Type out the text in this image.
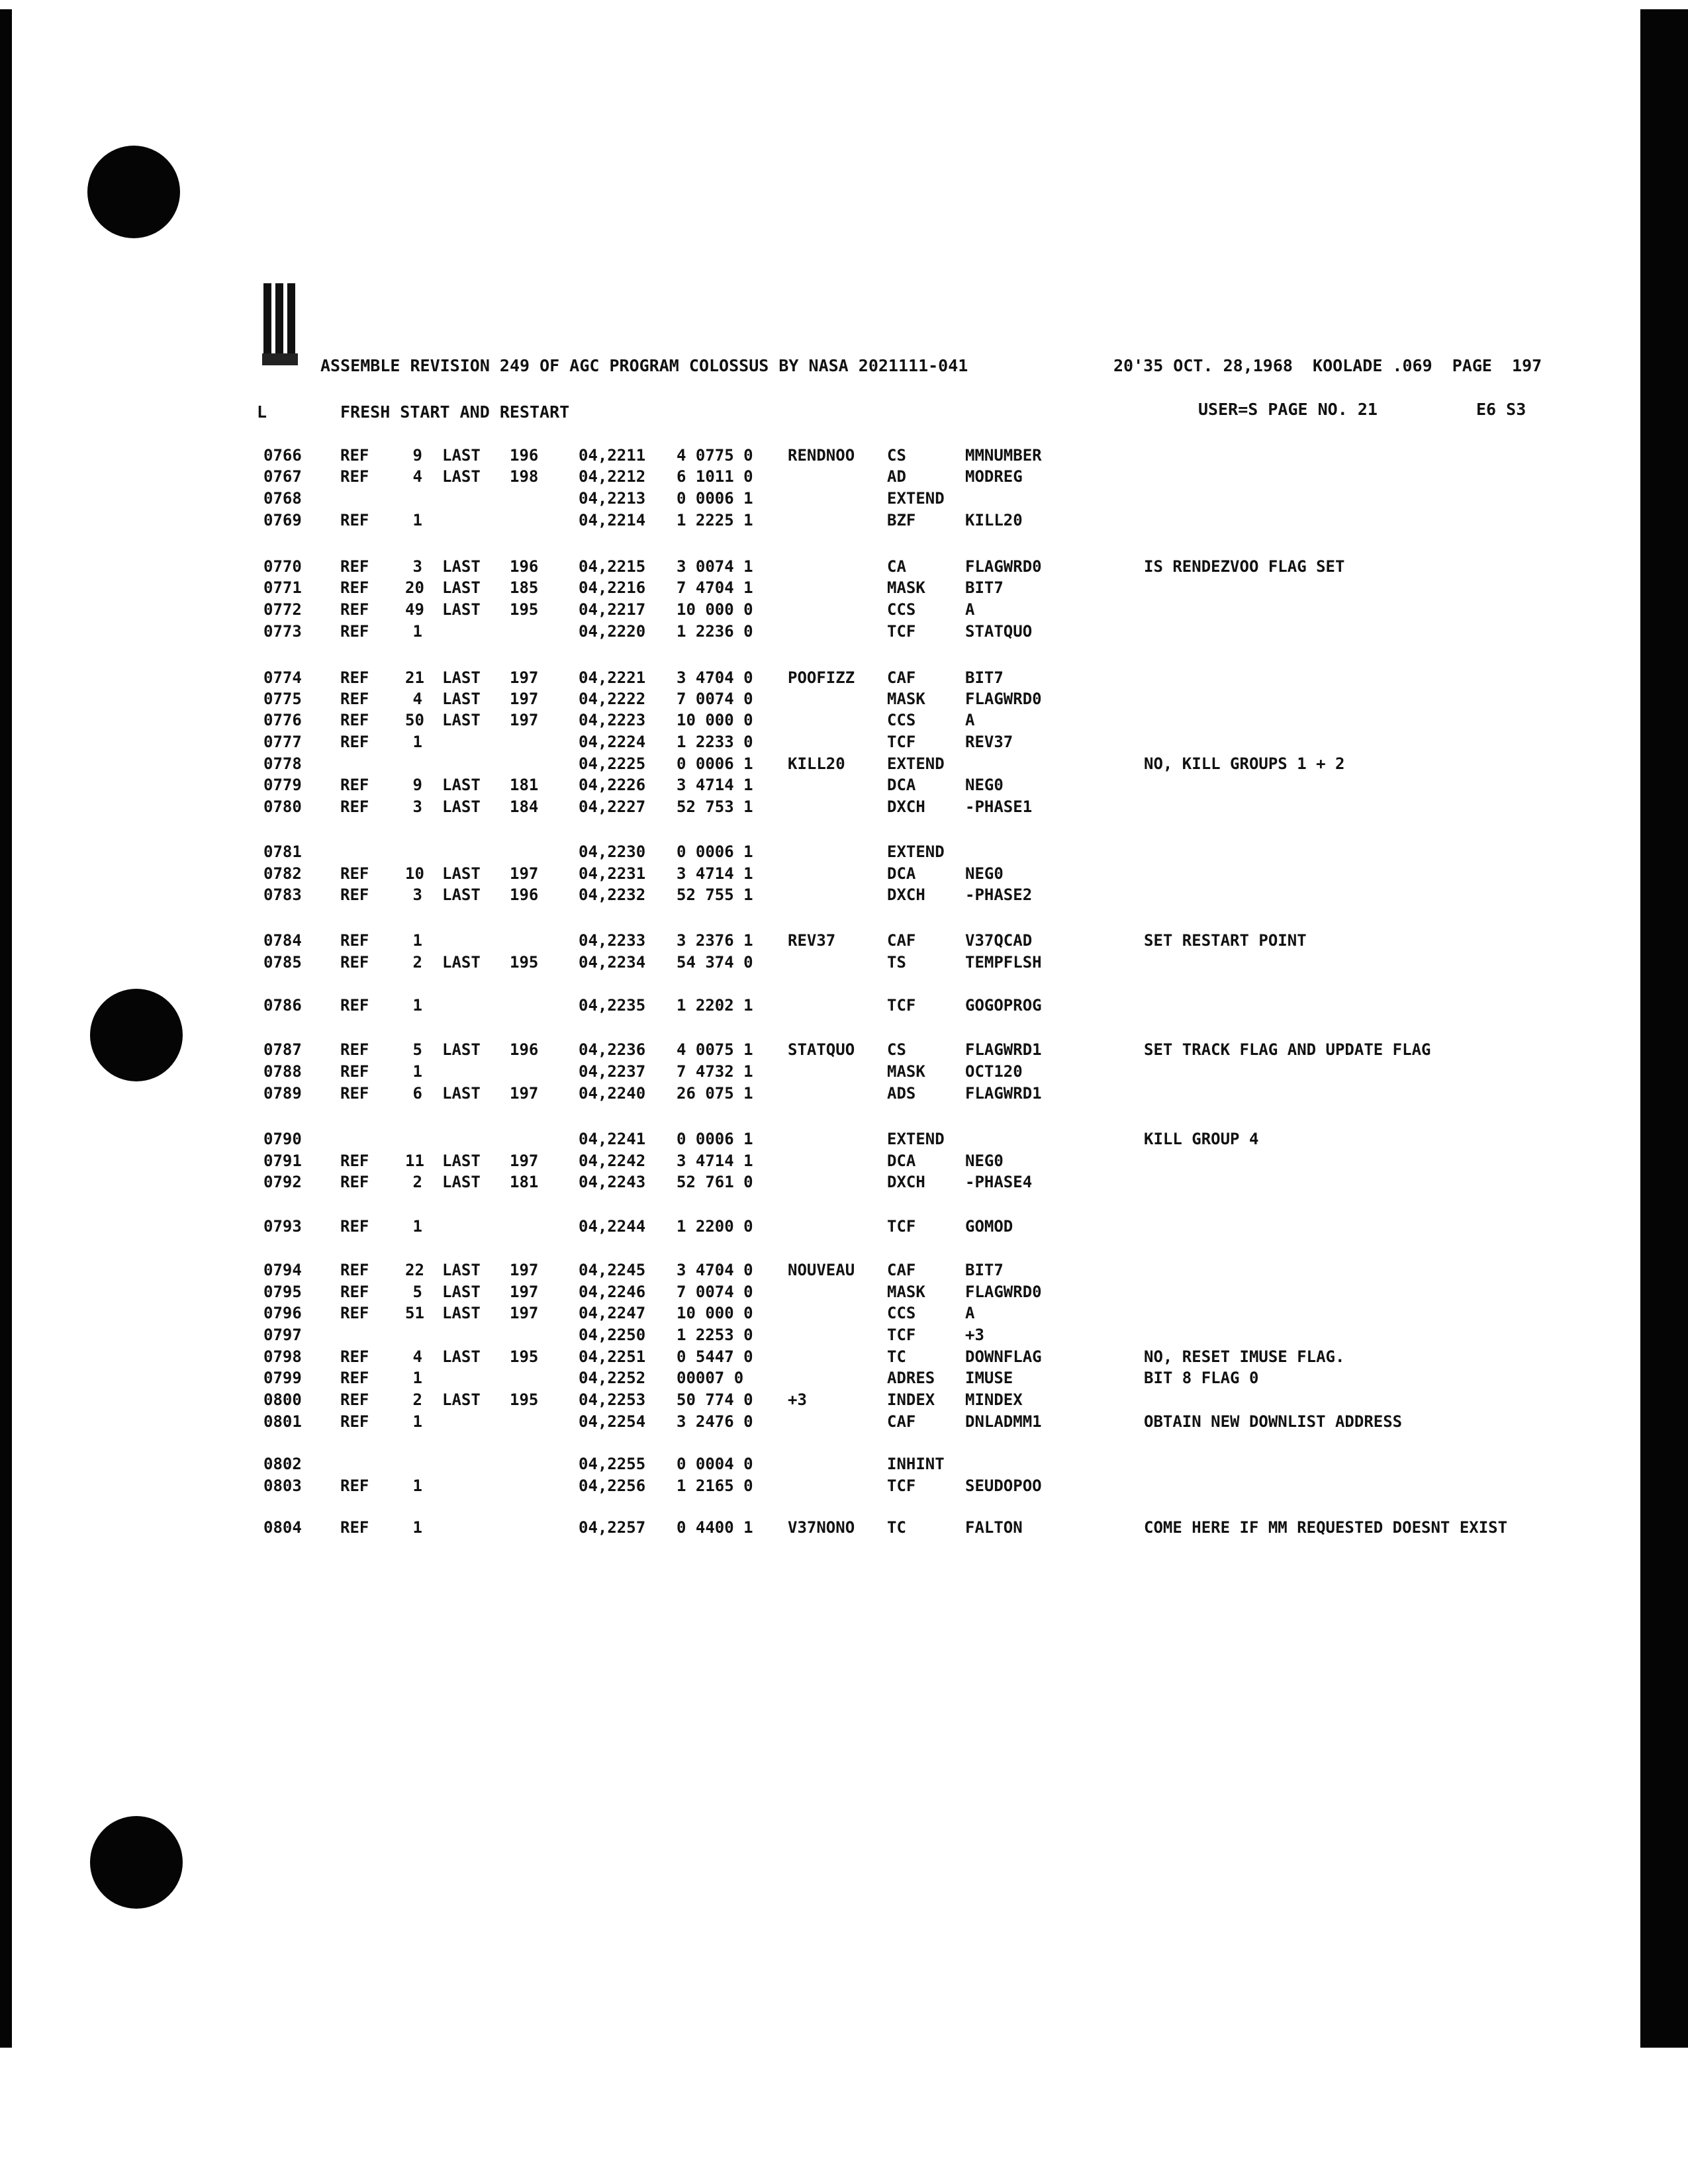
ASSEMBLE REVISION 249 OF AGC PROGRAM COLOSSUS BY NASA 2021111-041	20'35 OCT. 28,1968  KOOLADE .069  PAGE  197
L	FRESH START AND RESTART	USER=S PAGE NO. 21	E6 S3
0766 REF	9 LAST 196	04,2211 4 0775 0 RENDNOO CS	MMNUMBER
0767 REF	4 LAST 198	04,2212 6 1011 0	AD	MODREG
0768	04,2213 0 0006 1	EXTEND
0769 REF	1	04,2214 1 2225 1	BZF	KILL20
0770 REF	3 LAST 196	04,2215 3 0074 1	CA	FLAGWRD0	IS RENDEZVOO FLAG SET
0771 REF 20 LAST 185	04,2216 7 4704 1	MASK	BIT7
0772 REF 49 LAST 195	04,2217 10 000 0	CCS	A
0773 REF	1	04,2220 1 2236 0	TCF	STATQUO
0774 REF 21 LAST 197	04,2221 3 4704 0 POOFIZZ CAF	BIT7
0775 REF	4 LAST 197	04,2222 7 0074 0	MASK	FLAGWRD0
0776 REF 50 LAST 197	04,2223 10 000 0	CCS	A
0777 REF	1	04,2224 1 2233 0	TCF	REV37
0778	04,2225 0 0006 1 KILL20	EXTEND	NO, KILL GROUPS 1 + 2
0779 REF	9 LAST 181	04,2226 3 4714 1	DCA	NEG0
0780 REF	3 LAST 184	04,2227 52 753 1	DXCH	-PHASE1
0781	04,2230 0 0006 1	EXTEND
0782 REF 10 LAST 197	04,2231 3 4714 1	DCA	NEG0
0783 REF	3 LAST 196	04,2232 52 755 1	DXCH	-PHASE2
0784 REF	1	04,2233 3 2376 1 REV37	CAF	V37QCAD	SET RESTART POINT
0785 REF	2 LAST 195	04,2234 54 374 0	TS	TEMPFLSH
0786 REF	1	04,2235 1 2202 1	TCF	GOGOPROG
0787 REF	5 LAST 196	04,2236 4 0075 1 STATQUO CS	FLAGWRD1	SET TRACK FLAG AND UPDATE FLAG
0788 REF	1	04,2237 7 4732 1	MASK	OCT120
0789 REF	6 LAST 197	04,2240 26 075 1	ADS	FLAGWRD1
0790	04,2241 0 0006 1	EXTEND	KILL GROUP 4
0791 REF 11 LAST 197	04,2242 3 4714 1	DCA	NEG0
0792 REF	2 LAST 181	04,2243 52 761 0	DXCH	-PHASE4
0793 REF	1	04,2244 1 2200 0	TCF	GOMOD
0794 REF 22 LAST 197	04,2245 3 4704 0 NOUVEAU CAF	BIT7
0795 REF	5 LAST 197	04,2246 7 0074 0	MASK	FLAGWRD0
0796 REF 51 LAST 197	04,2247 10 000 0	CCS	A
0797	04,2250 1 2253 0	TCF	+3
0798 REF	4 LAST 195	04,2251 0 5447 0	TC	DOWNFLAG	NO, RESET IMUSE FLAG.
0799 REF	1	04,2252 00007 0	ADRES IMUSE	BIT 8 FLAG 0
0800 REF	2 LAST 195	04,2253 50 774 0 +3	INDEX MINDEX
0801 REF	1	04,2254 3 2476 0	CAF	DNLADMM1	OBTAIN NEW DOWNLIST ADDRESS
0802	04,2255 0 0004 0	INHINT
0803 REF	1	04,2256 1 2165 0	TCF	SEUDOPOO
0804 REF	1	04,2257 0 4400 1 V37NONO TC	FALTON	COME HERE IF MM REQUESTED DOESNT EXIST
